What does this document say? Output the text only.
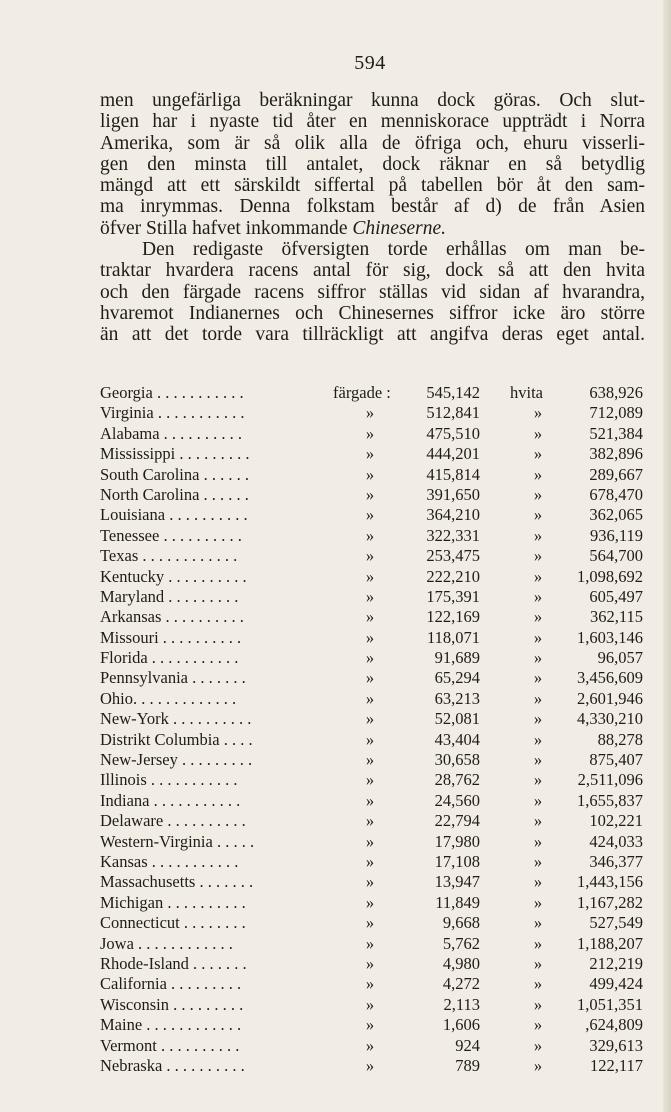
594
men ungefärliga beräkningar kunna dock göras. Och slut-
ligen har i nyaste tid åter en menniskorace uppträdt i Norra
Amerika, som är så olik alla de öfriga och, ehuru visserli-
gen den minsta till antalet, dock räknar en så betydlig
mängd att ett särskildt siffertal på tabellen bör åt den sam-
ma inrymmas. Denna folkstam består af d) de från Asien
öfver Stilla hafvet inkommande Chineserne.
Den redigaste öfversigten torde erhållas om man be-
traktar hvardera racens antal för sig, dock så att den hvita
och den färgade racens siffror ställas vid sidan af hvarandra,
hvaremot Indianernes och Chinesernes siffror icke äro större
än att det torde vara tillräckligt att angifva deras eget antal.
Georgia . . . . . . . . . . .	färgade :	545,142 hvita	638,926
Virginia . . . . . . . . . . .	»	512,841	»	712,089
Alabama . . . . . . . . . .	»	475,510	»	521,384
Mississippi . . . . . . . . .	»	444,201	»	382,896
South Carolina . . . . . .	»	415,814	»	289,667
North Carolina . . . . . .	»	391,650	»	678,470
Louisiana . . . . . . . . . .	»	364,210	»	362,065
Tenessee . . . . . . . . . .	»	322,331	»	936,119
Texas . . . . . . . . . . . .	»	253,475	»	564,700
Kentucky . . . . . . . . . .	»	222,210	»	1,098,692
Maryland . . . . . . . . .	»	175,391	»	605,497
Arkansas . . . . . . . . . .	»	122,169	»	362,115
Missouri . . . . . . . . . .	»	118,071	»	1,603,146
Florida . . . . . . . . . . .	»	91,689	»	96,057
Pennsylvania . . . . . . .	»	65,294	»	3,456,609
Ohio. . . . . . . . . . . . .	»	63,213	»	2,601,946
New-York . . . . . . . . . .	»	52,081	»	4,330,210
Distrikt Columbia . . . .	»	43,404	»	88,278
New-Jersey . . . . . . . . .	»	30,658	»	875,407
Illinois . . . . . . . . . . .	»	28,762	»	2,511,096
Indiana . . . . . . . . . . .	»	24,560	»	1,655,837
Delaware . . . . . . . . . .	»	22,794	»	102,221
Western-Virginia . . . . .	»	17,980	»	424,033
Kansas . . . . . . . . . . .	»	17,108	»	346,377
Massachusetts . . . . . . .	»	13,947	»	1,443,156
Michigan . . . . . . . . . .	»	11,849	»	1,167,282
Connecticut . . . . . . . .	»	9,668	»	527,549
Jowa . . . . . . . . . . . .	»	5,762	»	1,188,207
Rhode-Island . . . . . . .	»	4,980	»	212,219
California . . . . . . . . .	»	4,272	»	499,424
Wisconsin . . . . . . . . .	»	2,113	»	1,051,351
Maine . . . . . . . . . . . .	»	1,606	»	,624,809
Vermont . . . . . . . . . .	»	924	»	329,613
Nebraska . . . . . . . . . .	»	789	»	122,117
